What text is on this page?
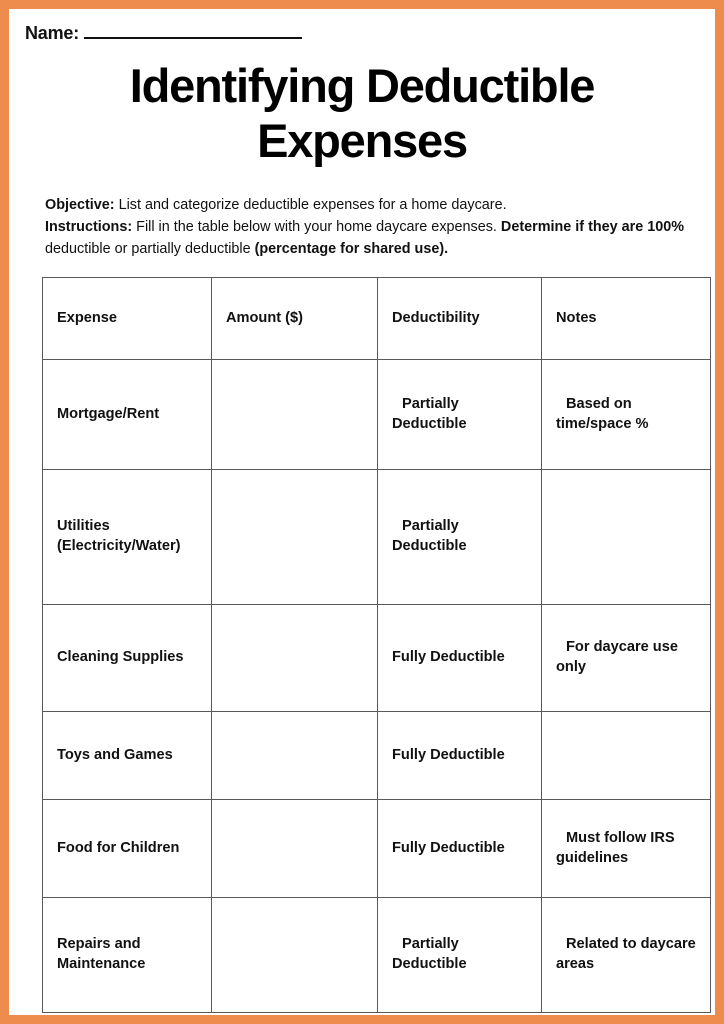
Name:
Identifying Deductible Expenses

Objective: List and categorize deductible expenses for a home daycare.

Instructions: Fill in the table below with your home daycare expenses. Determine if they are 100% deductible or partially deductible (percentage for shared use).

Expense	Amount ($)	Deductibility	Notes
Mortgage/Rent		Partially Deductible	Based on time/space %
Utilities (Electricity/Water)		Partially Deductible	
Cleaning Supplies		Fully Deductible	For daycare use only
Toys and Games		Fully Deductible	
Food for Children		Fully Deductible	Must follow IRS guidelines
Repairs and Maintenance		Partially Deductible	Related to daycare areas
